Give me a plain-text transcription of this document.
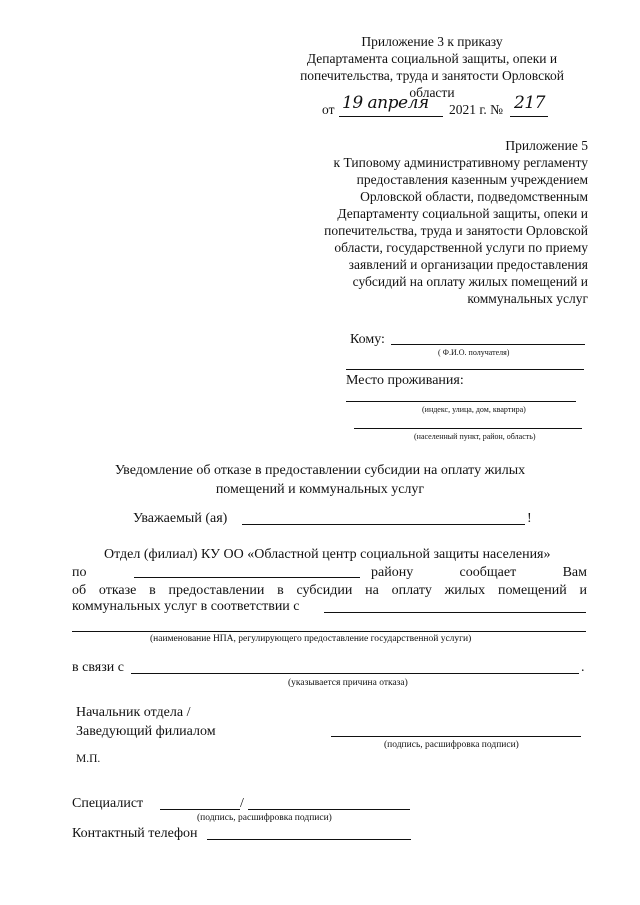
Приложение 3 к приказу
Департамента социальной защиты, опеки и
попечительства, труда и занятости Орловской
области
от 19 апреля 2021 г. № 217
Приложение 5
к Типовому административному регламенту
предоставления казенным учреждением
Орловской области, подведомственным
Департаменту социальной защиты, опеки и
попечительства, труда и занятости Орловской
области, государственной услуги по приему
заявлений и организации предоставления
субсидий на оплату жилых помещений и
коммунальных услуг
Кому:
( Ф.И.О. получателя)
Место проживания:
(индекс, улица, дом, квартира)
(населенный пункт, район, область)
Уведомление об отказе в предоставлении субсидии на оплату жилых
помещений и коммунальных услуг
Уважаемый (ая)	!
Отдел (филиал) КУ ОО «Областной центр социальной защиты населения»
по	району сообщает Вам
об отказе в предоставлении в субсидии на оплату жилых помещений и
коммунальных услуг в соответствии с
(наименование НПА, регулирующего предоставление государственной услуги)
в связи с	.
(указывается причина отказа)
Начальник отдела /
Заведующий филиалом
(подпись, расшифровка подписи)
М.П.
Специалист	/
(подпись, расшифровка подписи)
Контактный телефон
